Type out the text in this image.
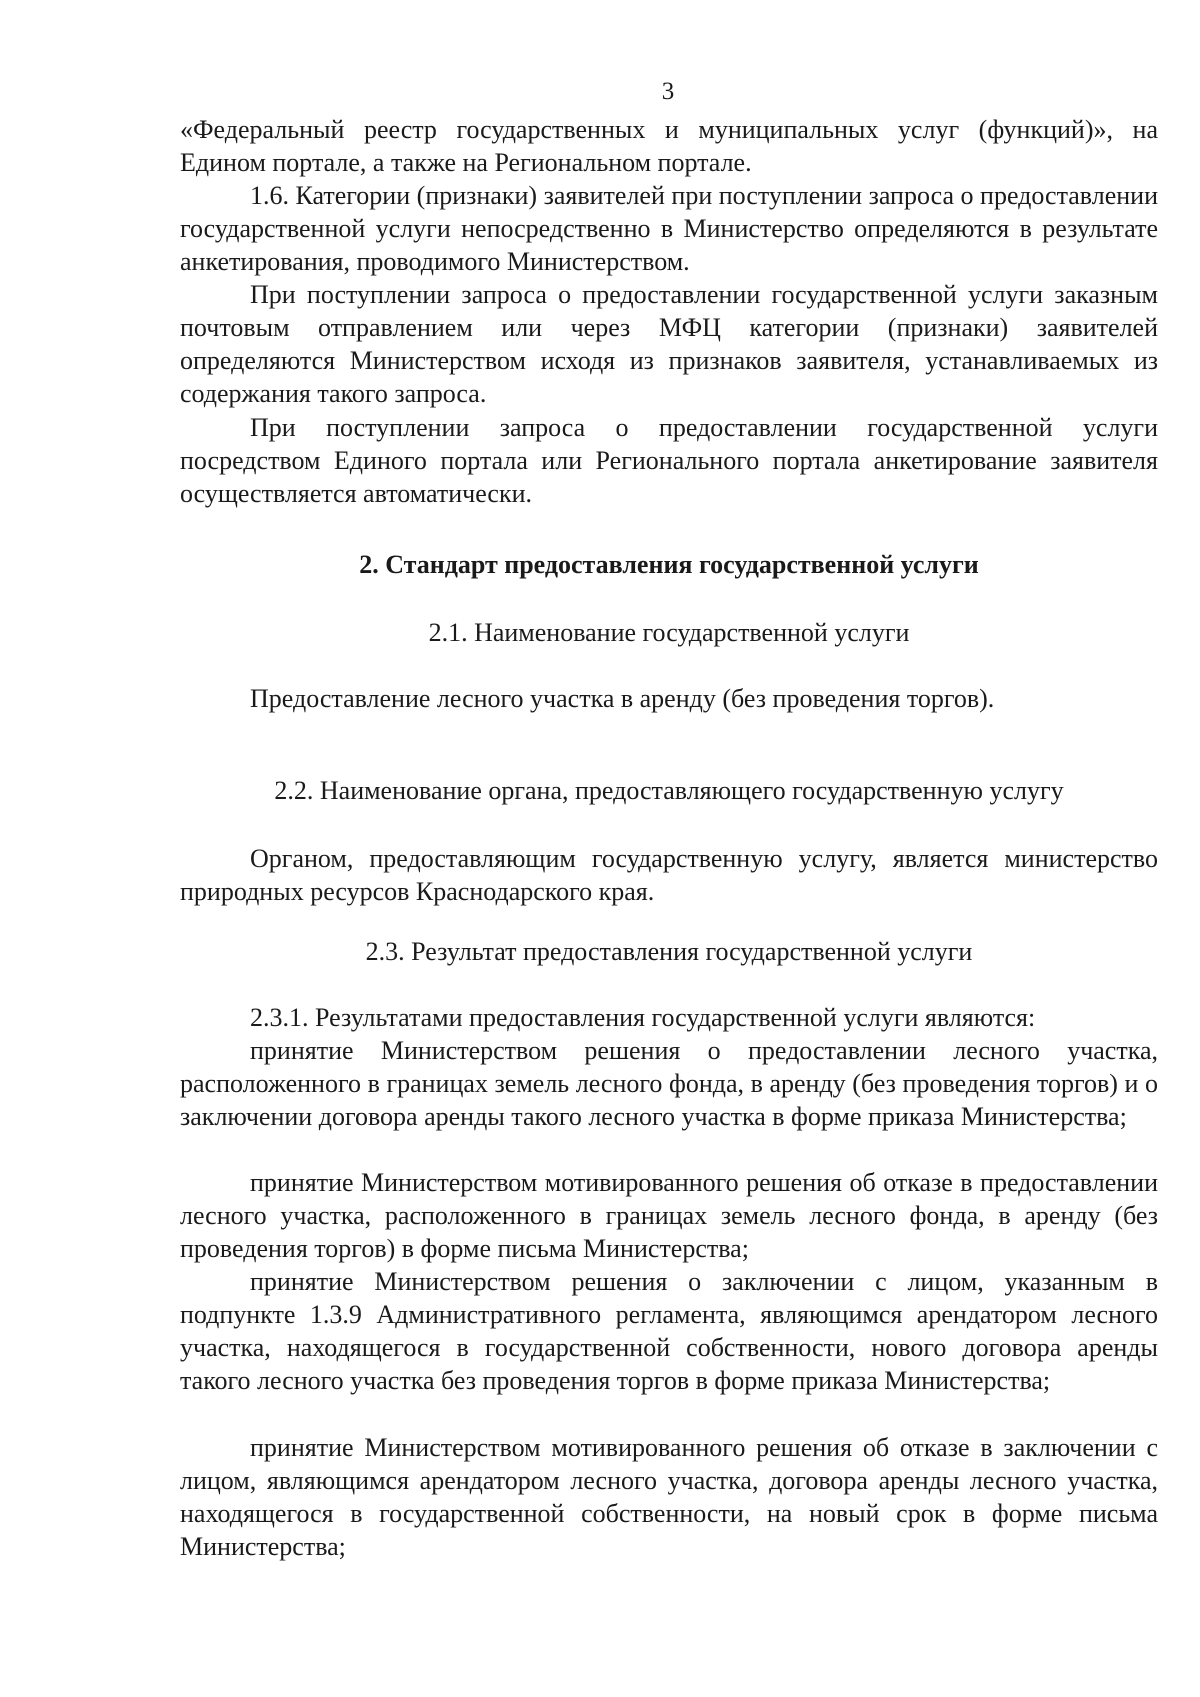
3
«Федеральный реестр государственных и муниципальных услуг (функций)», на Едином портале, а также на Региональном портале.
1.6. Категории (признаки) заявителей при поступлении запроса о предоставлении государственной услуги непосредственно в Министерство определяются в результате анкетирования, проводимого Министерством.
При поступлении запроса о предоставлении государственной услуги заказным почтовым отправлением или через МФЦ категории (признаки) заявителей определяются Министерством исходя из признаков заявителя, устанавливаемых из содержания такого запроса.
При поступлении запроса о предоставлении государственной услуги посредством Единого портала или Регионального портала анкетирование заявителя осуществляется автоматически.
2. Стандарт предоставления государственной услуги
2.1. Наименование государственной услуги
Предоставление лесного участка в аренду (без проведения торгов).
2.2. Наименование органа, предоставляющего государственную услугу
Органом, предоставляющим государственную услугу, является министерство природных ресурсов Краснодарского края.
2.3. Результат предоставления государственной услуги
2.3.1. Результатами предоставления государственной услуги являются:
принятие Министерством решения о предоставлении лесного участка, расположенного в границах земель лесного фонда, в аренду (без проведения торгов) и о заключении договора аренды такого лесного участка в форме приказа Министерства;
принятие Министерством мотивированного решения об отказе в предоставлении лесного участка, расположенного в границах земель лесного фонда, в аренду (без проведения торгов) в форме письма Министерства;
принятие Министерством решения о заключении с лицом, указанным в подпункте 1.3.9 Административного регламента, являющимся арендатором лесного участка, находящегося в государственной собственности, нового договора аренды такого лесного участка без проведения торгов в форме приказа Министерства;
принятие Министерством мотивированного решения об отказе в заключении с лицом, являющимся арендатором лесного участка, договора аренды лесного участка, находящегося в государственной собственности, на новый срок в форме письма Министерства;
